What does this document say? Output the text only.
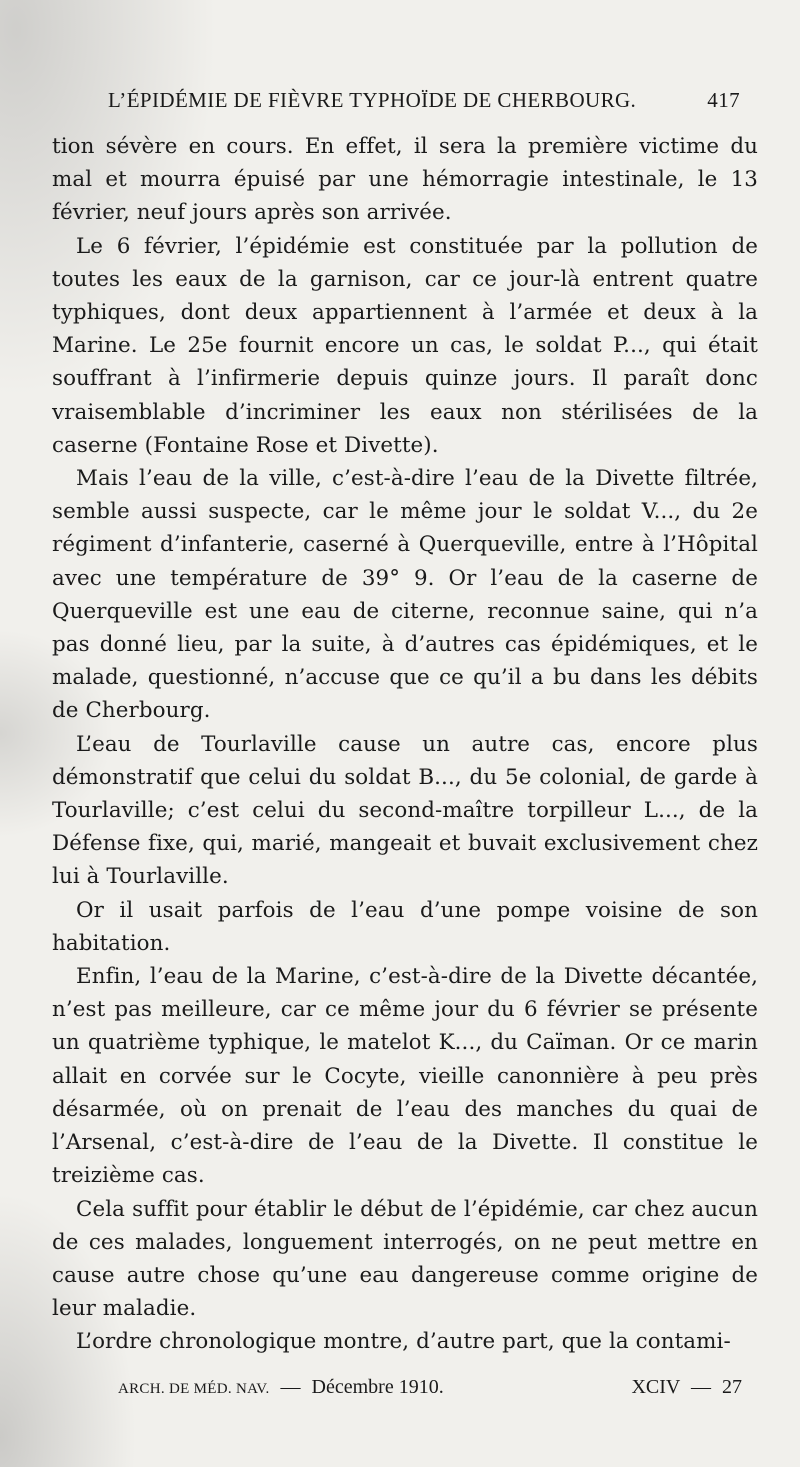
L’ÉPIDÉMIE DE FIÈVRE TYPHOÏDE DE CHERBOURG.	417

tion sévère en cours. En effet, il sera la première victime du mal et mourra épuisé par une hémorragie intestinale, le 13 février, neuf jours après son arrivée.

Le 6 février, l’épidémie est constituée par la pollution de toutes les eaux de la garnison, car ce jour-là entrent quatre typhiques, dont deux appartiennent à l’armée et deux à la Marine. Le 25e fournit encore un cas, le soldat P..., qui était souffrant à l’infirmerie depuis quinze jours. Il paraît donc vraisemblable d’incriminer les eaux non stérilisées de la caserne (Fontaine Rose et Divette).

Mais l’eau de la ville, c’est-à-dire l’eau de la Divette filtrée, semble aussi suspecte, car le même jour le soldat V..., du 2e régiment d’infanterie, caserné à Querqueville, entre à l’Hôpital avec une température de 39° 9. Or l’eau de la caserne de Querqueville est une eau de citerne, reconnue saine, qui n’a pas donné lieu, par la suite, à d’autres cas épidémiques, et le malade, questionné, n’accuse que ce qu’il a bu dans les débits de Cherbourg.

L’eau de Tourlaville cause un autre cas, encore plus démonstratif que celui du soldat B..., du 5e colonial, de garde à Tourlaville; c’est celui du second-maître torpilleur L..., de la Défense fixe, qui, marié, mangeait et buvait exclusivement chez lui à Tourlaville.

Or il usait parfois de l’eau d’une pompe voisine de son habitation.

Enfin, l’eau de la Marine, c’est-à-dire de la Divette décantée, n’est pas meilleure, car ce même jour du 6 février se présente un quatrième typhique, le matelot K..., du Caïman. Or ce marin allait en corvée sur le Cocyte, vieille canonnière à peu près désarmée, où on prenait de l’eau des manches du quai de l’Arsenal, c’est-à-dire de l’eau de la Divette. Il constitue le treizième cas.

Cela suffit pour établir le début de l’épidémie, car chez aucun de ces malades, longuement interrogés, on ne peut mettre en cause autre chose qu’une eau dangereuse comme origine de leur maladie.

L’ordre chronologique montre, d’autre part, que la contami-

ARCH. DE MÉD. NAV. — Décembre 1910.	XCIV — 27
